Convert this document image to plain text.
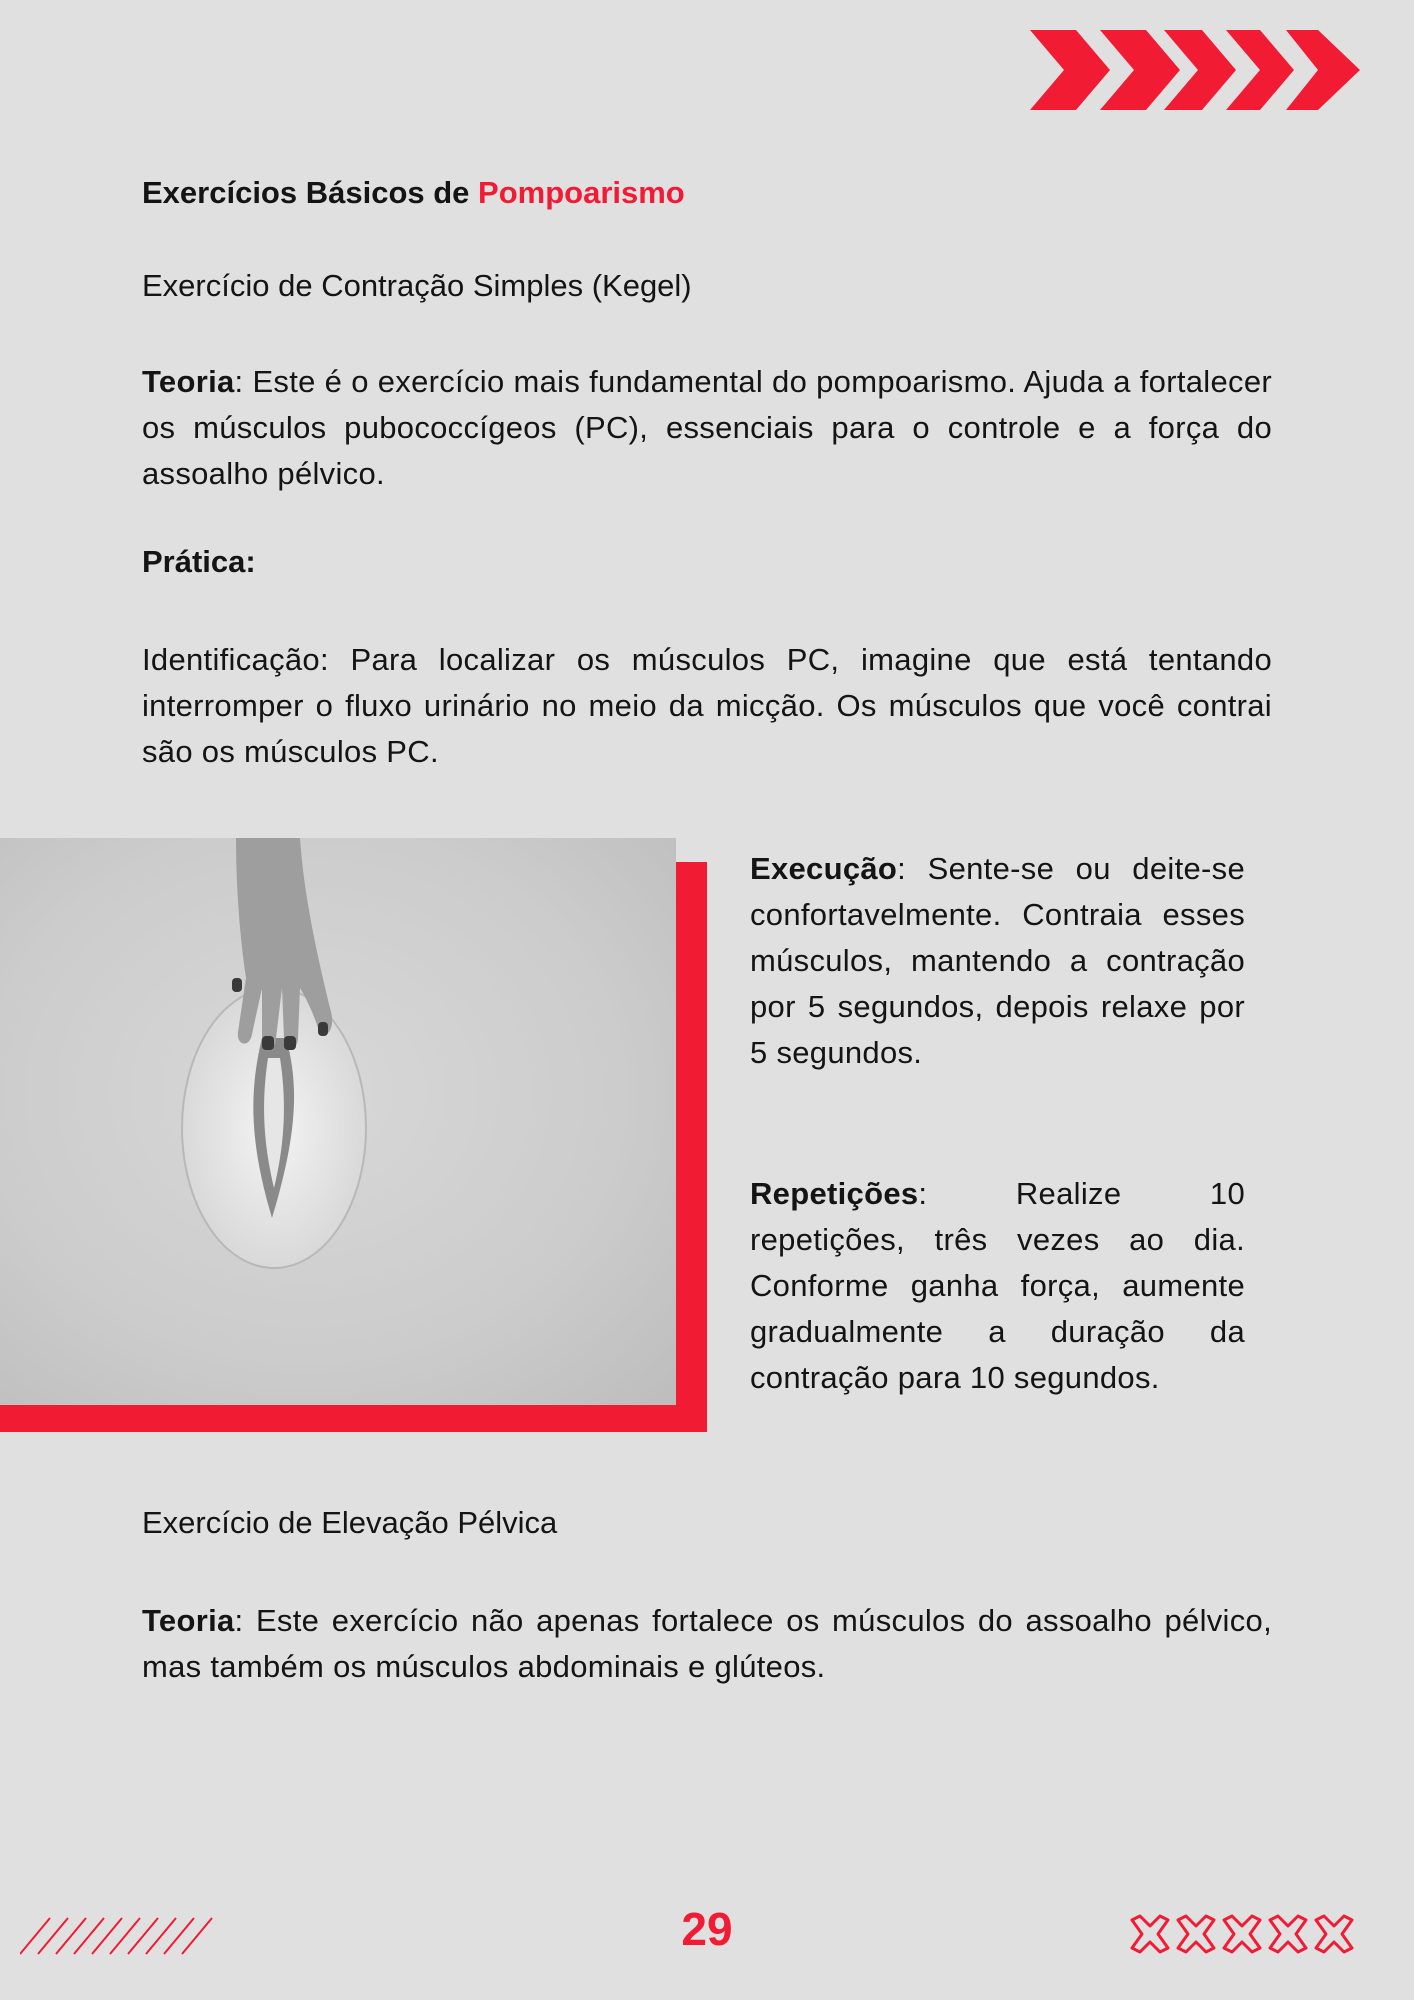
Exercícios Básicos de Pompoarismo
Exercício de Contração Simples (Kegel)

Teoria: Este é o exercício mais fundamental do pompoarismo. Ajuda a fortalecer os músculos pubococcígeos (PC), essenciais para o controle e a força do assoalho pélvico.

Prática:

Identificação: Para localizar os músculos PC, imagine que está tentando interromper o fluxo urinário no meio da micção. Os músculos que você contrai são os músculos PC.

Execução: Sente-se ou deite-se confortavelmente. Contraia esses músculos, mantendo a contração por 5 segundos, depois relaxe por 5 segundos.

Repetições: Realize 10 repetições, três vezes ao dia. Conforme ganha força, aumente gradualmente a duração da contração para 10 segundos.

Exercício de Elevação Pélvica

Teoria: Este exercício não apenas fortalece os músculos do assoalho pélvico, mas também os músculos abdominais e glúteos.

29
